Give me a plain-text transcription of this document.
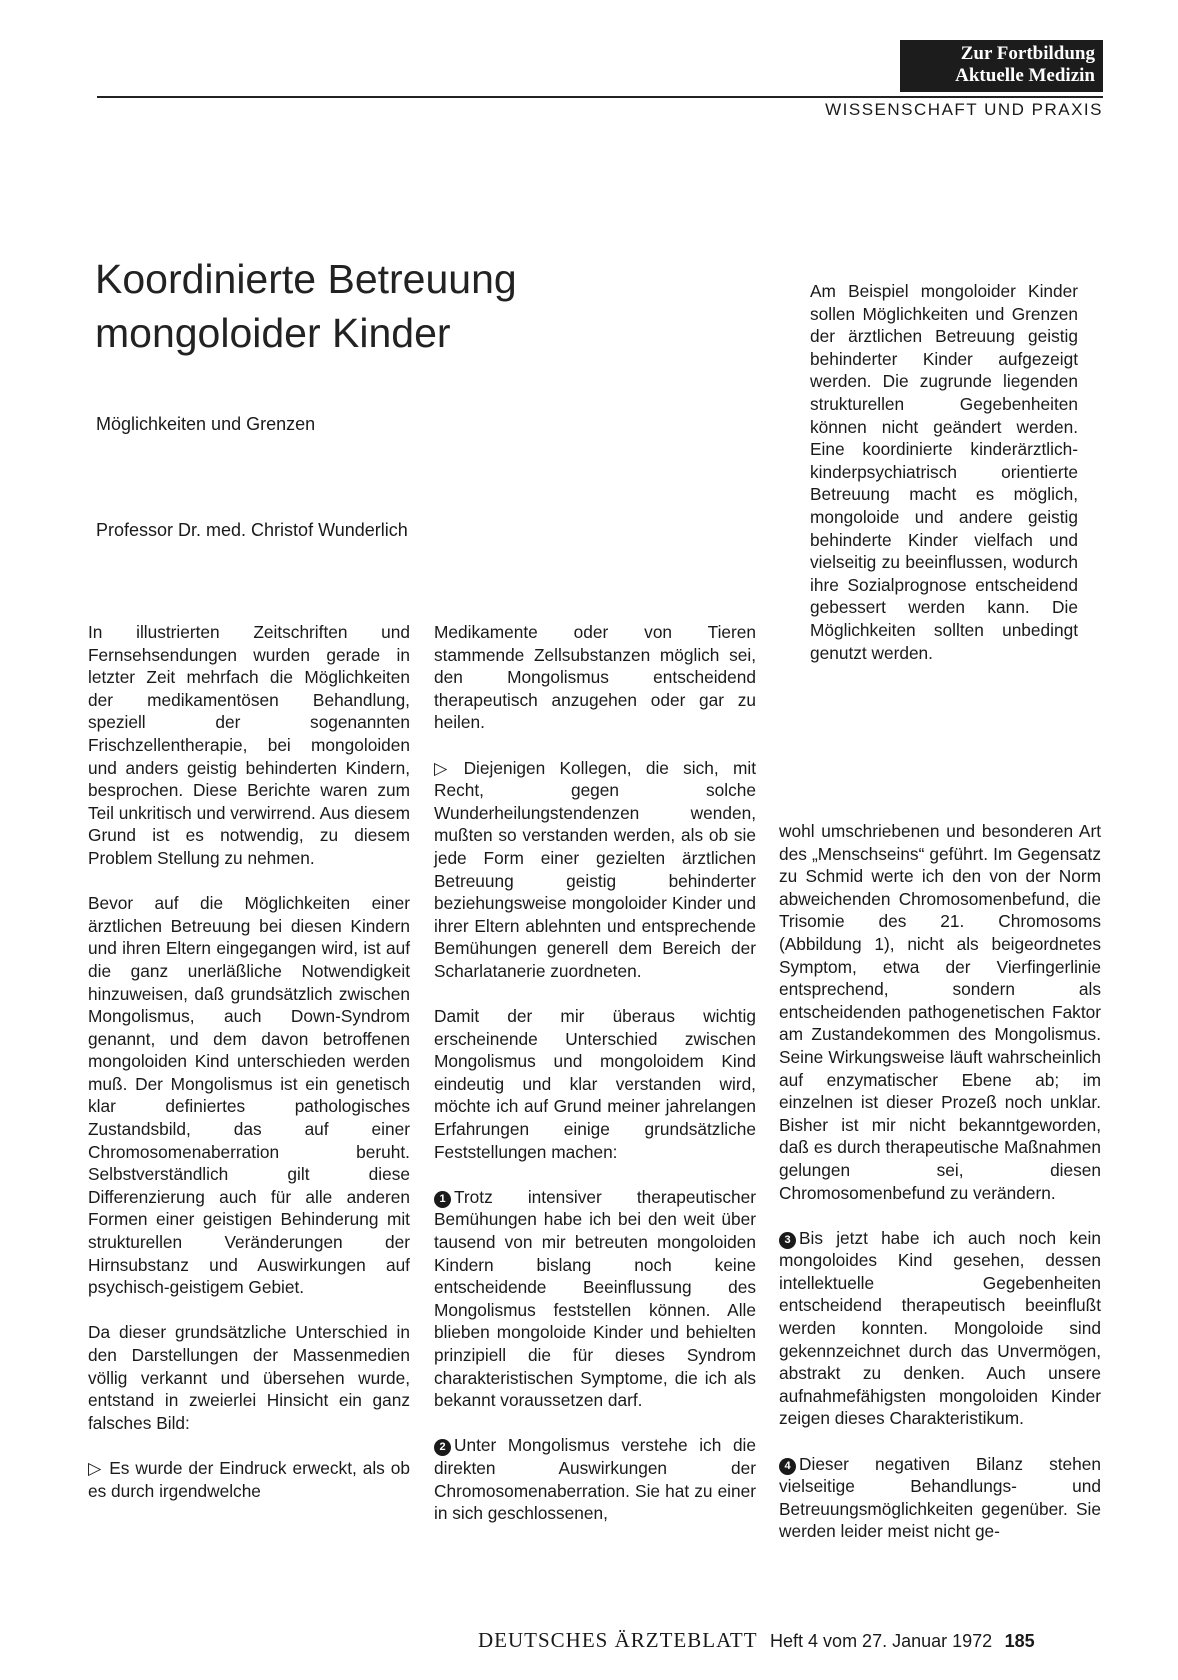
Zur Fortbildung
Aktuelle Medizin
WISSENSCHAFT UND PRAXIS
Koordinierte Betreuung
mongoloider Kinder
Möglichkeiten und Grenzen
Professor Dr. med. Christof Wunderlich

Am Beispiel mongoloider Kinder sollen Möglichkeiten und Grenzen der ärztlichen Betreuung geistig behinderter Kinder aufgezeigt werden. Die zugrunde liegenden strukturellen Gegebenheiten können nicht geändert werden. Eine koordinierte kinderärztlich-kinderpsychiatrisch orientierte Betreuung macht es möglich, mongoloide und andere geistig behinderte Kinder vielfach und vielseitig zu beeinflussen, wodurch ihre Sozialprognose entscheidend gebessert werden kann. Die Möglichkeiten sollten unbedingt genutzt werden.

In illustrierten Zeitschriften und Fernsehsendungen wurden gerade in letzter Zeit mehrfach die Möglichkeiten der medikamentösen Behandlung, speziell der sogenannten Frischzellentherapie, bei mongoloiden und anders geistig behinderten Kindern, besprochen. Diese Berichte waren zum Teil unkritisch und verwirrend. Aus diesem Grund ist es notwendig, zu diesem Problem Stellung zu nehmen.

Bevor auf die Möglichkeiten einer ärztlichen Betreuung bei diesen Kindern und ihren Eltern eingegangen wird, ist auf die ganz unerläßliche Notwendigkeit hinzuweisen, daß grundsätzlich zwischen Mongolismus, auch Down-Syndrom genannt, und dem davon betroffenen mongoloiden Kind unterschieden werden muß. Der Mongolismus ist ein genetisch klar definiertes pathologisches Zustandsbild, das auf einer Chromosomenaberration beruht. Selbstverständlich gilt diese Differenzierung auch für alle anderen Formen einer geistigen Behinderung mit strukturellen Veränderungen der Hirnsubstanz und Auswirkungen auf psychisch-geistigem Gebiet.

Da dieser grundsätzliche Unterschied in den Darstellungen der Massenmedien völlig verkannt und übersehen wurde, entstand in zweierlei Hinsicht ein ganz falsches Bild:

▷ Es wurde der Eindruck erweckt, als ob es durch irgendwelche

Medikamente oder von Tieren stammende Zellsubstanzen möglich sei, den Mongolismus entscheidend therapeutisch anzugehen oder gar zu heilen.

▷ Diejenigen Kollegen, die sich, mit Recht, gegen solche Wunderheilungstendenzen wenden, mußten so verstanden werden, als ob sie jede Form einer gezielten ärztlichen Betreuung geistig behinderter beziehungsweise mongoloider Kinder und ihrer Eltern ablehnten und entsprechende Bemühungen generell dem Bereich der Scharlatanerie zuordneten.

Damit der mir überaus wichtig erscheinende Unterschied zwischen Mongolismus und mongoloidem Kind eindeutig und klar verstanden wird, möchte ich auf Grund meiner jahrelangen Erfahrungen einige grundsätzliche Feststellungen machen:

1 Trotz intensiver therapeutischer Bemühungen habe ich bei den weit über tausend von mir betreuten mongoloiden Kindern bislang noch keine entscheidende Beeinflussung des Mongolismus feststellen können. Alle blieben mongoloide Kinder und behielten prinzipiell die für dieses Syndrom charakteristischen Symptome, die ich als bekannt voraussetzen darf.

2 Unter Mongolismus verstehe ich die direkten Auswirkungen der Chromosomenaberration. Sie hat zu einer in sich geschlossenen,

wohl umschriebenen und besonderen Art des „Menschseins“ geführt. Im Gegensatz zu Schmid werte ich den von der Norm abweichenden Chromosomenbefund, die Trisomie des 21. Chromosoms (Abbildung 1), nicht als beigeordnetes Symptom, etwa der Vierfingerlinie entsprechend, sondern als entscheidenden pathogenetischen Faktor am Zustandekommen des Mongolismus. Seine Wirkungsweise läuft wahrscheinlich auf enzymatischer Ebene ab; im einzelnen ist dieser Prozeß noch unklar. Bisher ist mir nicht bekanntgeworden, daß es durch therapeutische Maßnahmen gelungen sei, diesen Chromosomenbefund zu verändern.

3 Bis jetzt habe ich auch noch kein mongoloides Kind gesehen, dessen intellektuelle Gegebenheiten entscheidend therapeutisch beeinflußt werden konnten. Mongoloide sind gekennzeichnet durch das Unvermögen, abstrakt zu denken. Auch unsere aufnahmefähigsten mongoloiden Kinder zeigen dieses Charakteristikum.

4 Dieser negativen Bilanz stehen vielseitige Behandlungs- und Betreuungsmöglichkeiten gegenüber. Sie werden leider meist nicht ge-

DEUTSCHES ÄRZTEBLATT Heft 4 vom 27. Januar 1972 185
